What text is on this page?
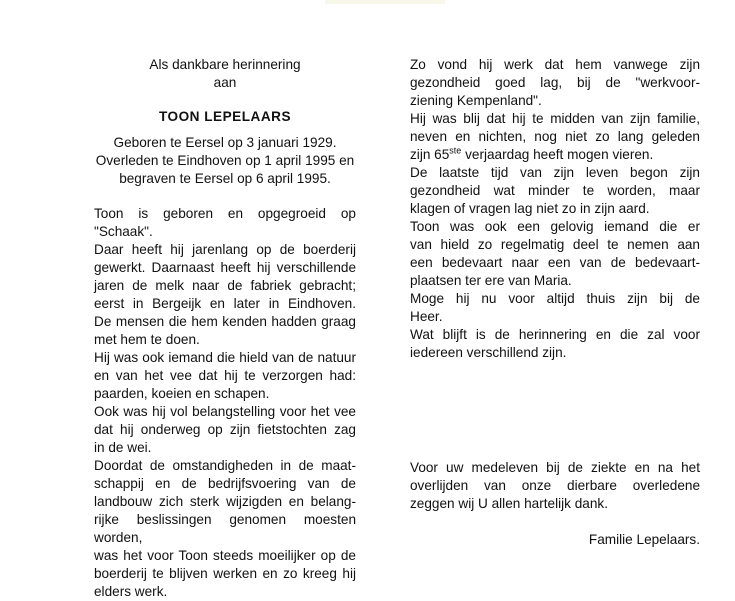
Als dankbare herinnering
aan
TOON LEPELAARS
Geboren te Eersel op 3 januari 1929.
Overleden te Eindhoven op 1 april 1995 en
begraven te Eersel op 6 april 1995.
Toon is geboren en opgegroeid op "Schaak".
Daar heeft hij jarenlang op de boerderij
gewerkt. Daarnaast heeft hij verschillende
jaren de melk naar de fabriek gebracht;
eerst in Bergeijk en later in Eindhoven.
De mensen die hem kenden hadden graag
met hem te doen.
Hij was ook iemand die hield van de natuur
en van het vee dat hij te verzorgen had:
paarden, koeien en schapen.
Ook was hij vol belangstelling voor het vee
dat hij onderweg op zijn fietstochten zag
in de wei.
Doordat de omstandigheden in de maat-
schappij en de bedrijfsvoering van de
landbouw zich sterk wijzigden en belang-
rijke beslissingen genomen moesten worden,
was het voor Toon steeds moeilijker op de
boerderij te blijven werken en zo kreeg hij
elders werk.
Zo vond hij werk dat hem vanwege zijn
gezondheid goed lag, bij de "werkvoor-
ziening Kempenland".
Hij was blij dat hij te midden van zijn familie,
neven en nichten, nog niet zo lang geleden
zijn 65ste verjaardag heeft mogen vieren.
De laatste tijd van zijn leven begon zijn
gezondheid wat minder te worden, maar
klagen of vragen lag niet zo in zijn aard.
Toon was ook een gelovig iemand die er
van hield zo regelmatig deel te nemen aan
een bedevaart naar een van de bedevaart-
plaatsen ter ere van Maria.
Moge hij nu voor altijd thuis zijn bij de
Heer.
Wat blijft is de herinnering en die zal voor
iedereen verschillend zijn.
Voor uw medeleven bij de ziekte en na het
overlijden van onze dierbare overledene
zeggen wij U allen hartelijk dank.
Familie Lepelaars.
